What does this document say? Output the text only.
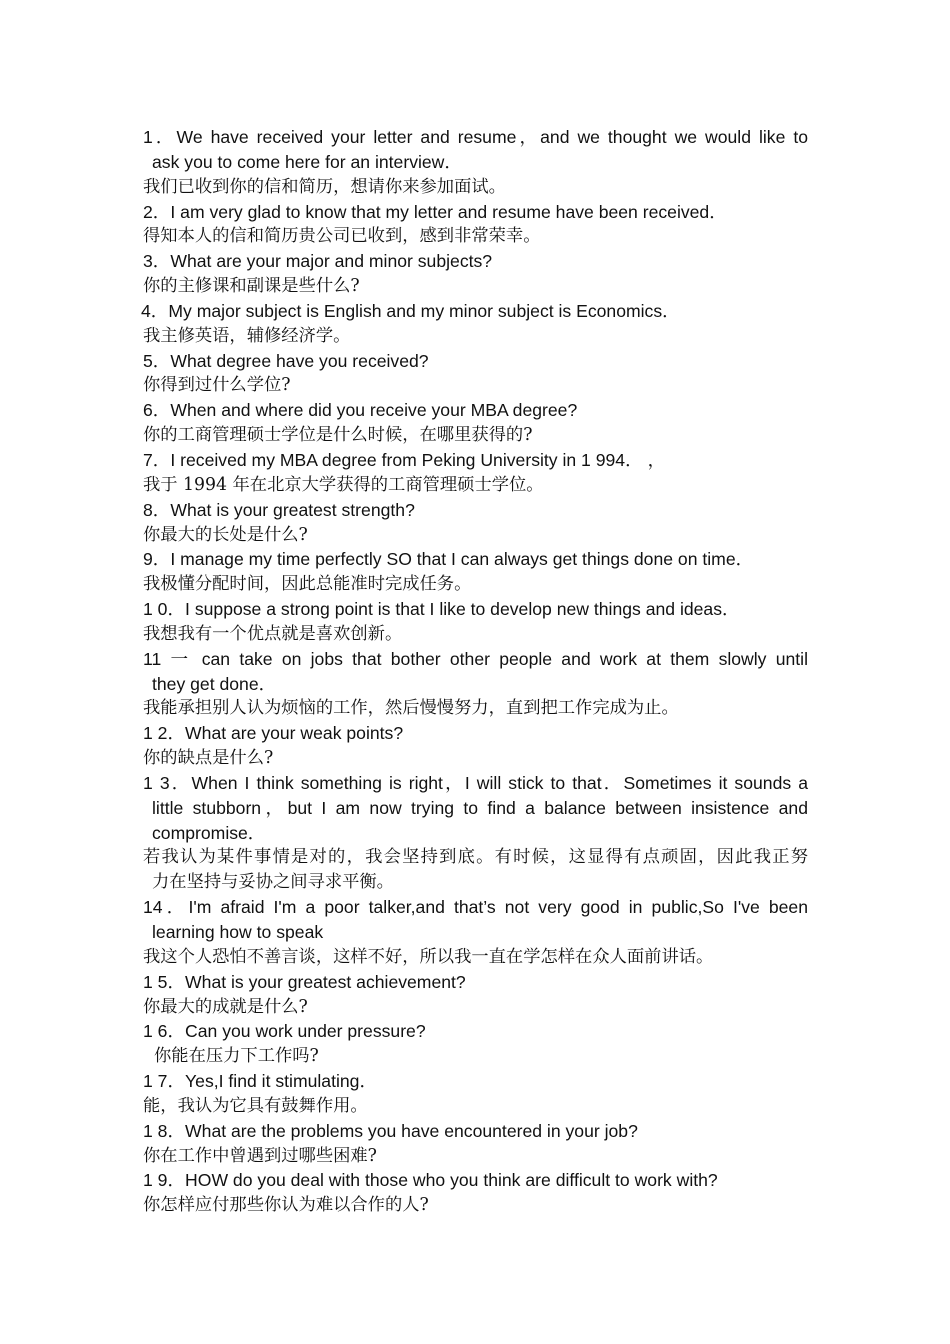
1．We have received your letter and resume，and we thought we would like to
ask you to come here for an interview．
我们已收到你的信和简历，想请你来参加面试。
2．I am very glad to know that my letter and resume have been received．
得知本人的信和简历贵公司已收到，感到非常荣幸。
3．What are your major and minor subjects?
你的主修课和副课是些什么?
4．My major subject is English and my minor subject is Economics．
我主修英语，辅修经济学。
5．What degree have you received?
你得到过什么学位?
6．When and where did you receive your MBA degree?
你的工商管理硕士学位是什么时候，在哪里获得的?
7．I received my MBA degree from Peking University in 1 994． ，
我于 1994 年在北京大学获得的工商管理硕士学位。
8．What is your greatest strength?
你最大的长处是什么?
9．I manage my time perfectly SO that I can always get things done on time．
我极懂分配时间，因此总能准时完成任务。
1 0．I suppose a strong point is that I like to develop new things and ideas．
我想我有一个优点就是喜欢创新。
11 一 can take on jobs that bother other people and work at them slowly until
they get done．
我能承担别人认为烦恼的工作，然后慢慢努力，直到把工作完成为止。
1 2．What are your weak points?
你的缺点是什么?
1 3．When I think something is right，I will stick to that．Sometimes it sounds a
little stubborn，but I am now trying to find a balance between insistence and
compromise．
若我认为某件事情是对的，我会坚持到底。有时候，这显得有点顽固，因此我正努
力在坚持与妥协之间寻求平衡。
14．I'm afraid I'm a poor talker,and that’s not very good in public,So I've been
learning how to speak
我这个人恐怕不善言谈，这样不好，所以我一直在学怎样在众人面前讲话。
1 5．What is your greatest achievement?
你最大的成就是什么?
1 6．Can you work under pressure?
你能在压力下工作吗?
1 7．Yes,I find it stimulating．
能，我认为它具有鼓舞作用。
1 8．What are the problems you have encountered in your job?
你在工作中曾遇到过哪些困难?
1 9．HOW do you deal with those who you think are difficult to work with?
你怎样应付那些你认为难以合作的人?
